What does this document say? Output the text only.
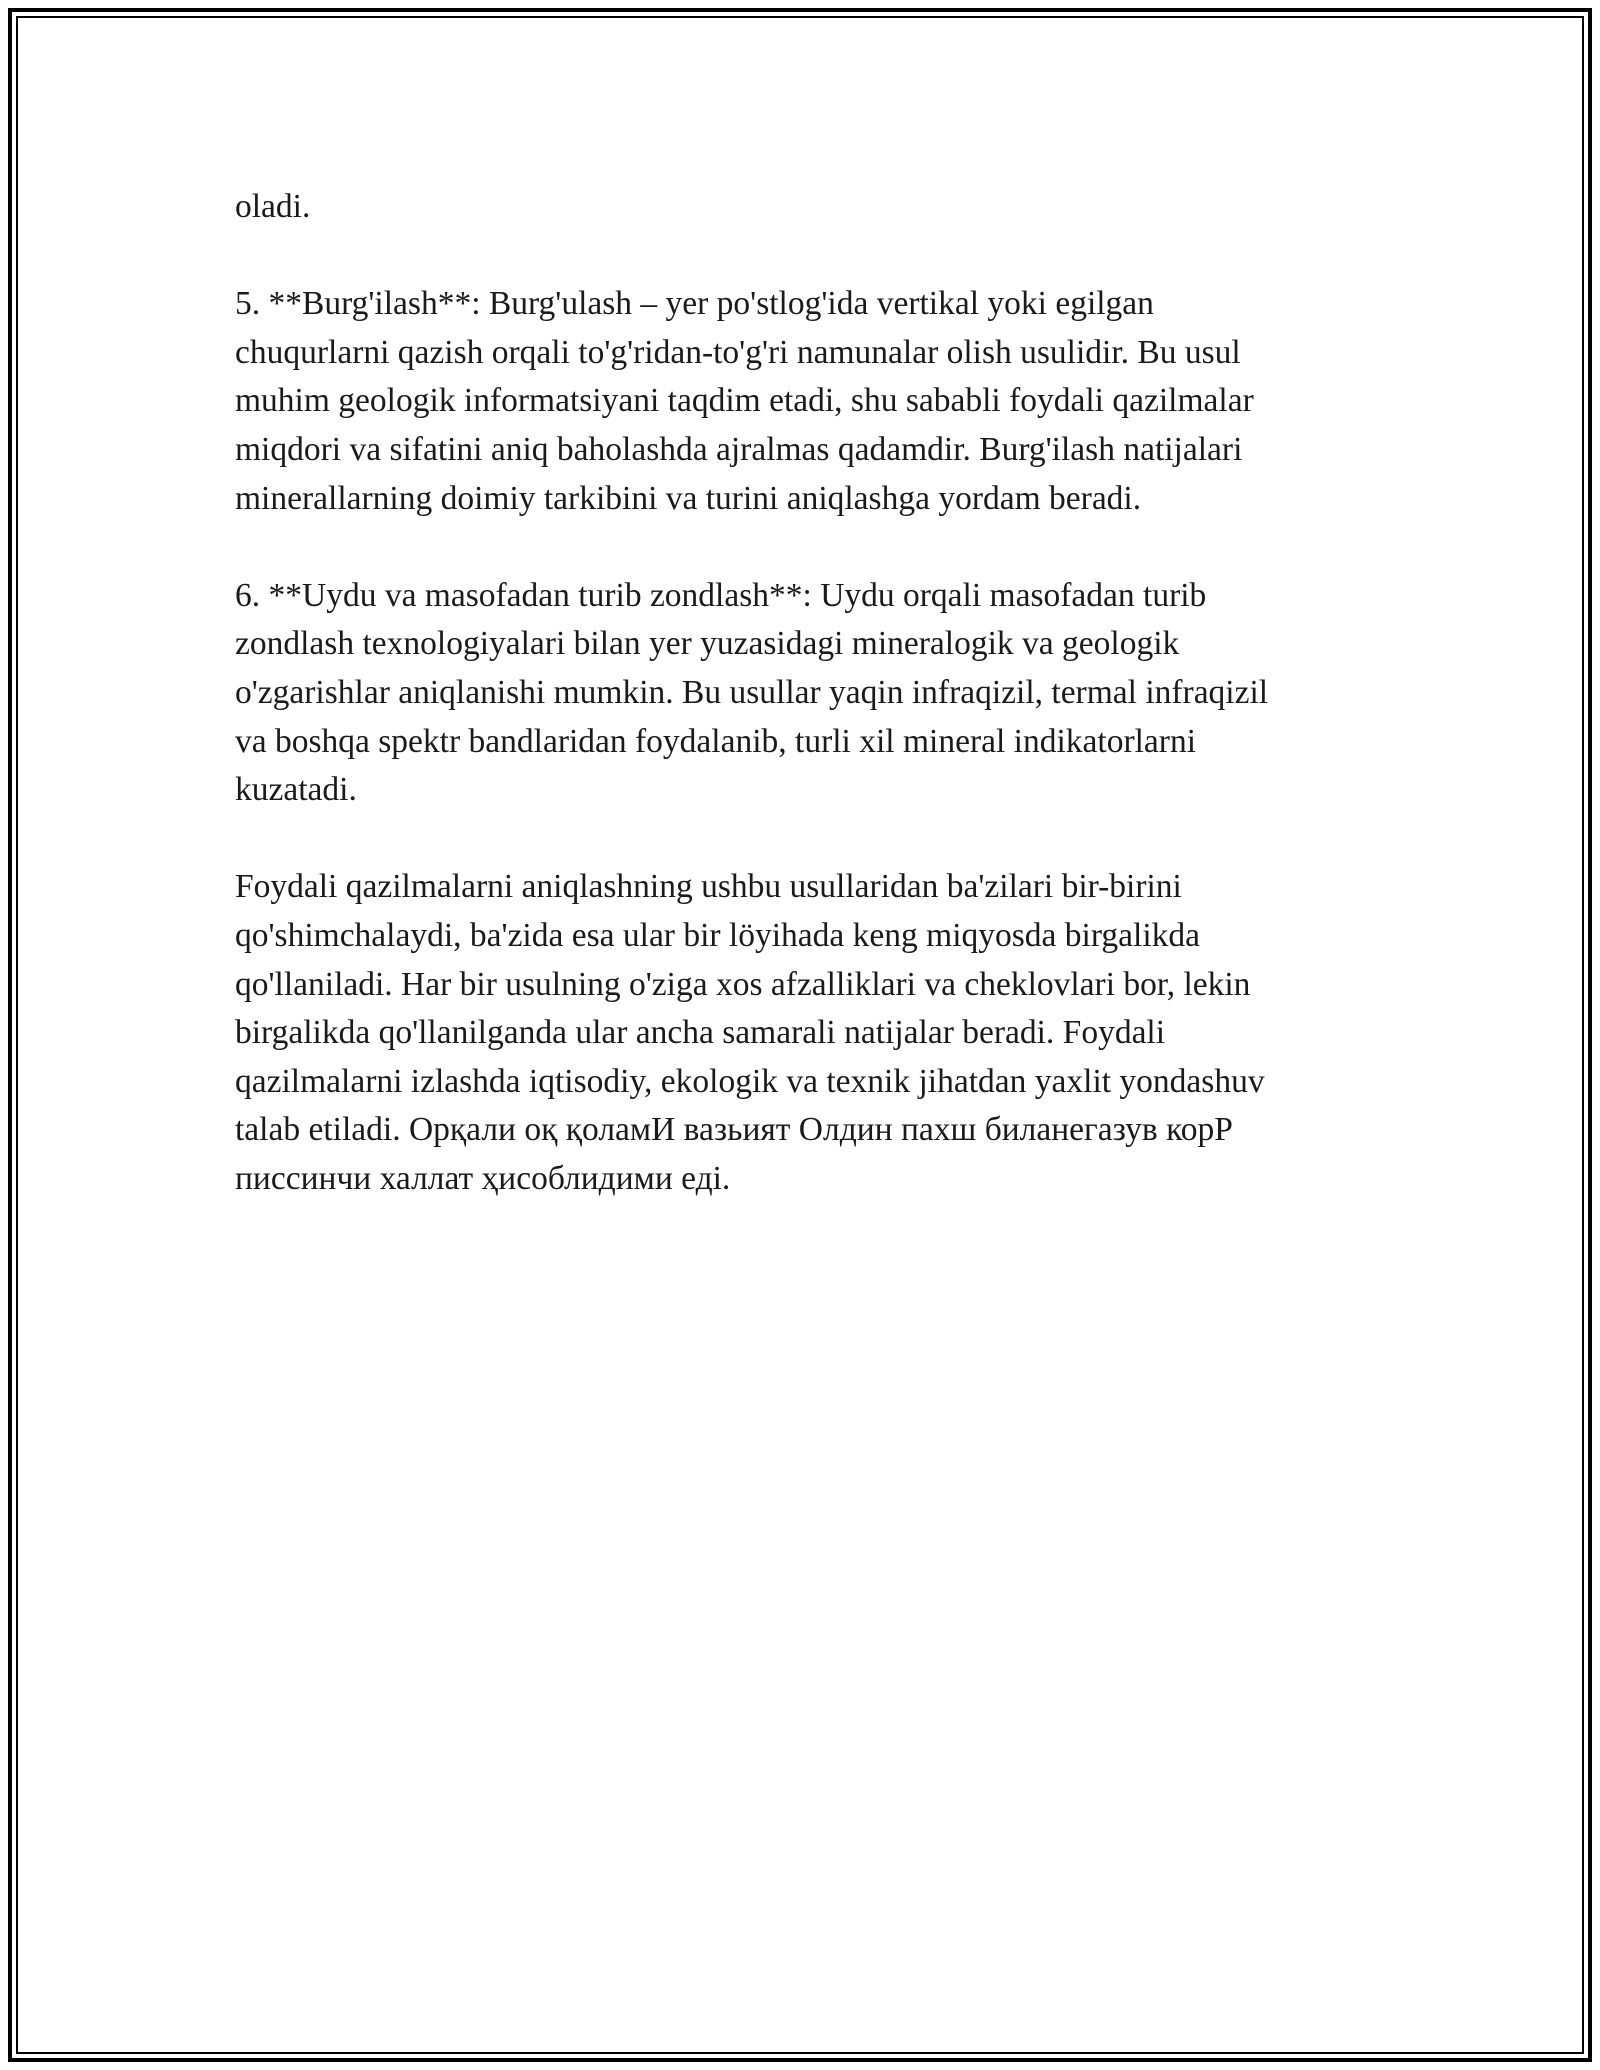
oladi.

5. **Burg'ilash**: Burg'ulash – yer po'stlog'ida vertikal yoki egilgan
chuqurlarni qazish orqali to'g'ridan-to'g'ri namunalar olish usulidir. Bu usul
muhim geologik informatsiyani taqdim etadi, shu sababli foydali qazilmalar
miqdori va sifatini aniq baholashda ajralmas qadamdir. Burg'ilash natijalari
minerallarning doimiy tarkibini va turini aniqlashga yordam beradi.

6. **Uydu va masofadan turib zondlash**: Uydu orqali masofadan turib
zondlash texnologiyalari bilan yer yuzasidagi mineralogik va geologik
o'zgarishlar aniqlanishi mumkin. Bu usullar yaqin infraqizil, termal infraqizil
va boshqa spektr bandlaridan foydalanib, turli xil mineral indikatorlarni
kuzatadi.

Foydali qazilmalarni aniqlashning ushbu usullaridan ba'zilari bir-birini
qo'shimchalaydi, ba'zida esa ular bir löyihada keng miqyosda birgalikda
qo'llaniladi. Har bir usulning o'ziga xos afzalliklari va cheklovlari bor, lekin
birgalikda qo'llanilganda ular ancha samarali natijalar beradi. Foydali
qazilmalarni izlashda iqtisodiy, ekologik va texnik jihatdan yaxlit yondashuv
talab etiladi. Орқали оқ қоламИ вазьият Олдин пахш биланегазув корР
писсинчи халлат ҳисоблидими еді.
